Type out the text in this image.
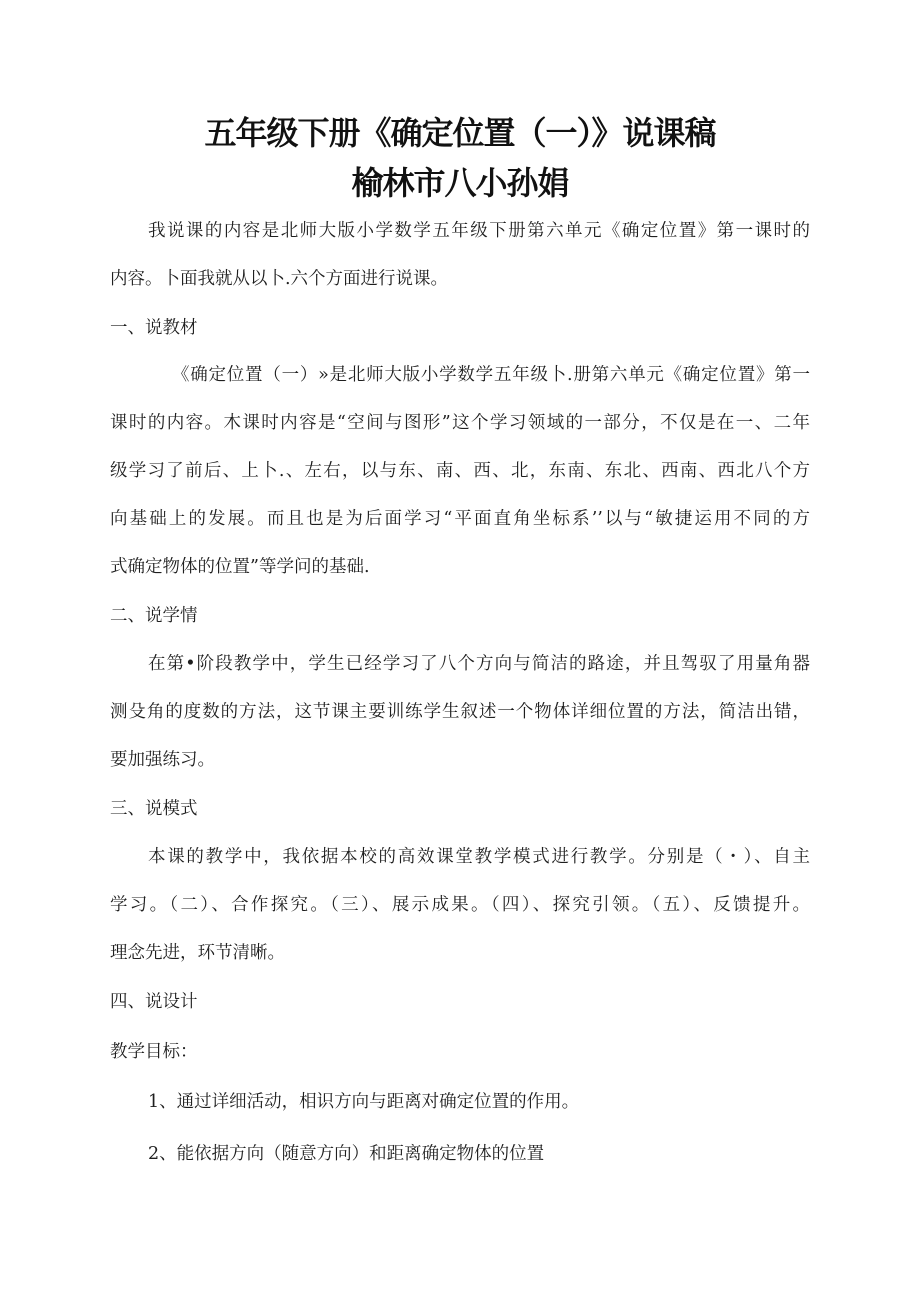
五年级下册《确定位置（一）》说课稿
榆林市八小孙娟

我说课的内容是北师大版小学数学五年级下册第六单元《确定位置》第一课时的

内容。卜面我就从以卜.六个方面进行说课。

一、说教材

《确定位置（一）»是北师大版小学数学五年级卜.册第六单元《确定位置》第一

课时的内容。木课时内容是“空间与图形”这个学习领域的一部分，不仅是在一、二年

级学习了前后、上卜.、左右，以与东、南、西、北，东南、东北、西南、西北八个方

向基础上的发展。而且也是为后面学习“平面直角坐标系’’以与“敏捷运用不同的方

式确定物体的位置”等学问的基础.

二、说学情

在第•阶段教学中，学生已经学习了八个方向与简洁的路途，并且驾驭了用量角器

测殳角的度数的方法，这节课主要训练学生叙述一个物体详细位置的方法，简洁出错，

要加强练习。

三、说模式

本课的教学中，我依据本校的高效课堂教学模式进行教学。分别是（・）、自主

学习。（二）、合作探究。（三）、展示成果。（四）、探究引领。（五）、反馈提升。

理念先进，环节清晰。

四、说设计

教学目标：

1、通过详细活动，相识方向与距离对确定位置的作用。

2、能依据方向（随意方向）和距离确定物体的位置
